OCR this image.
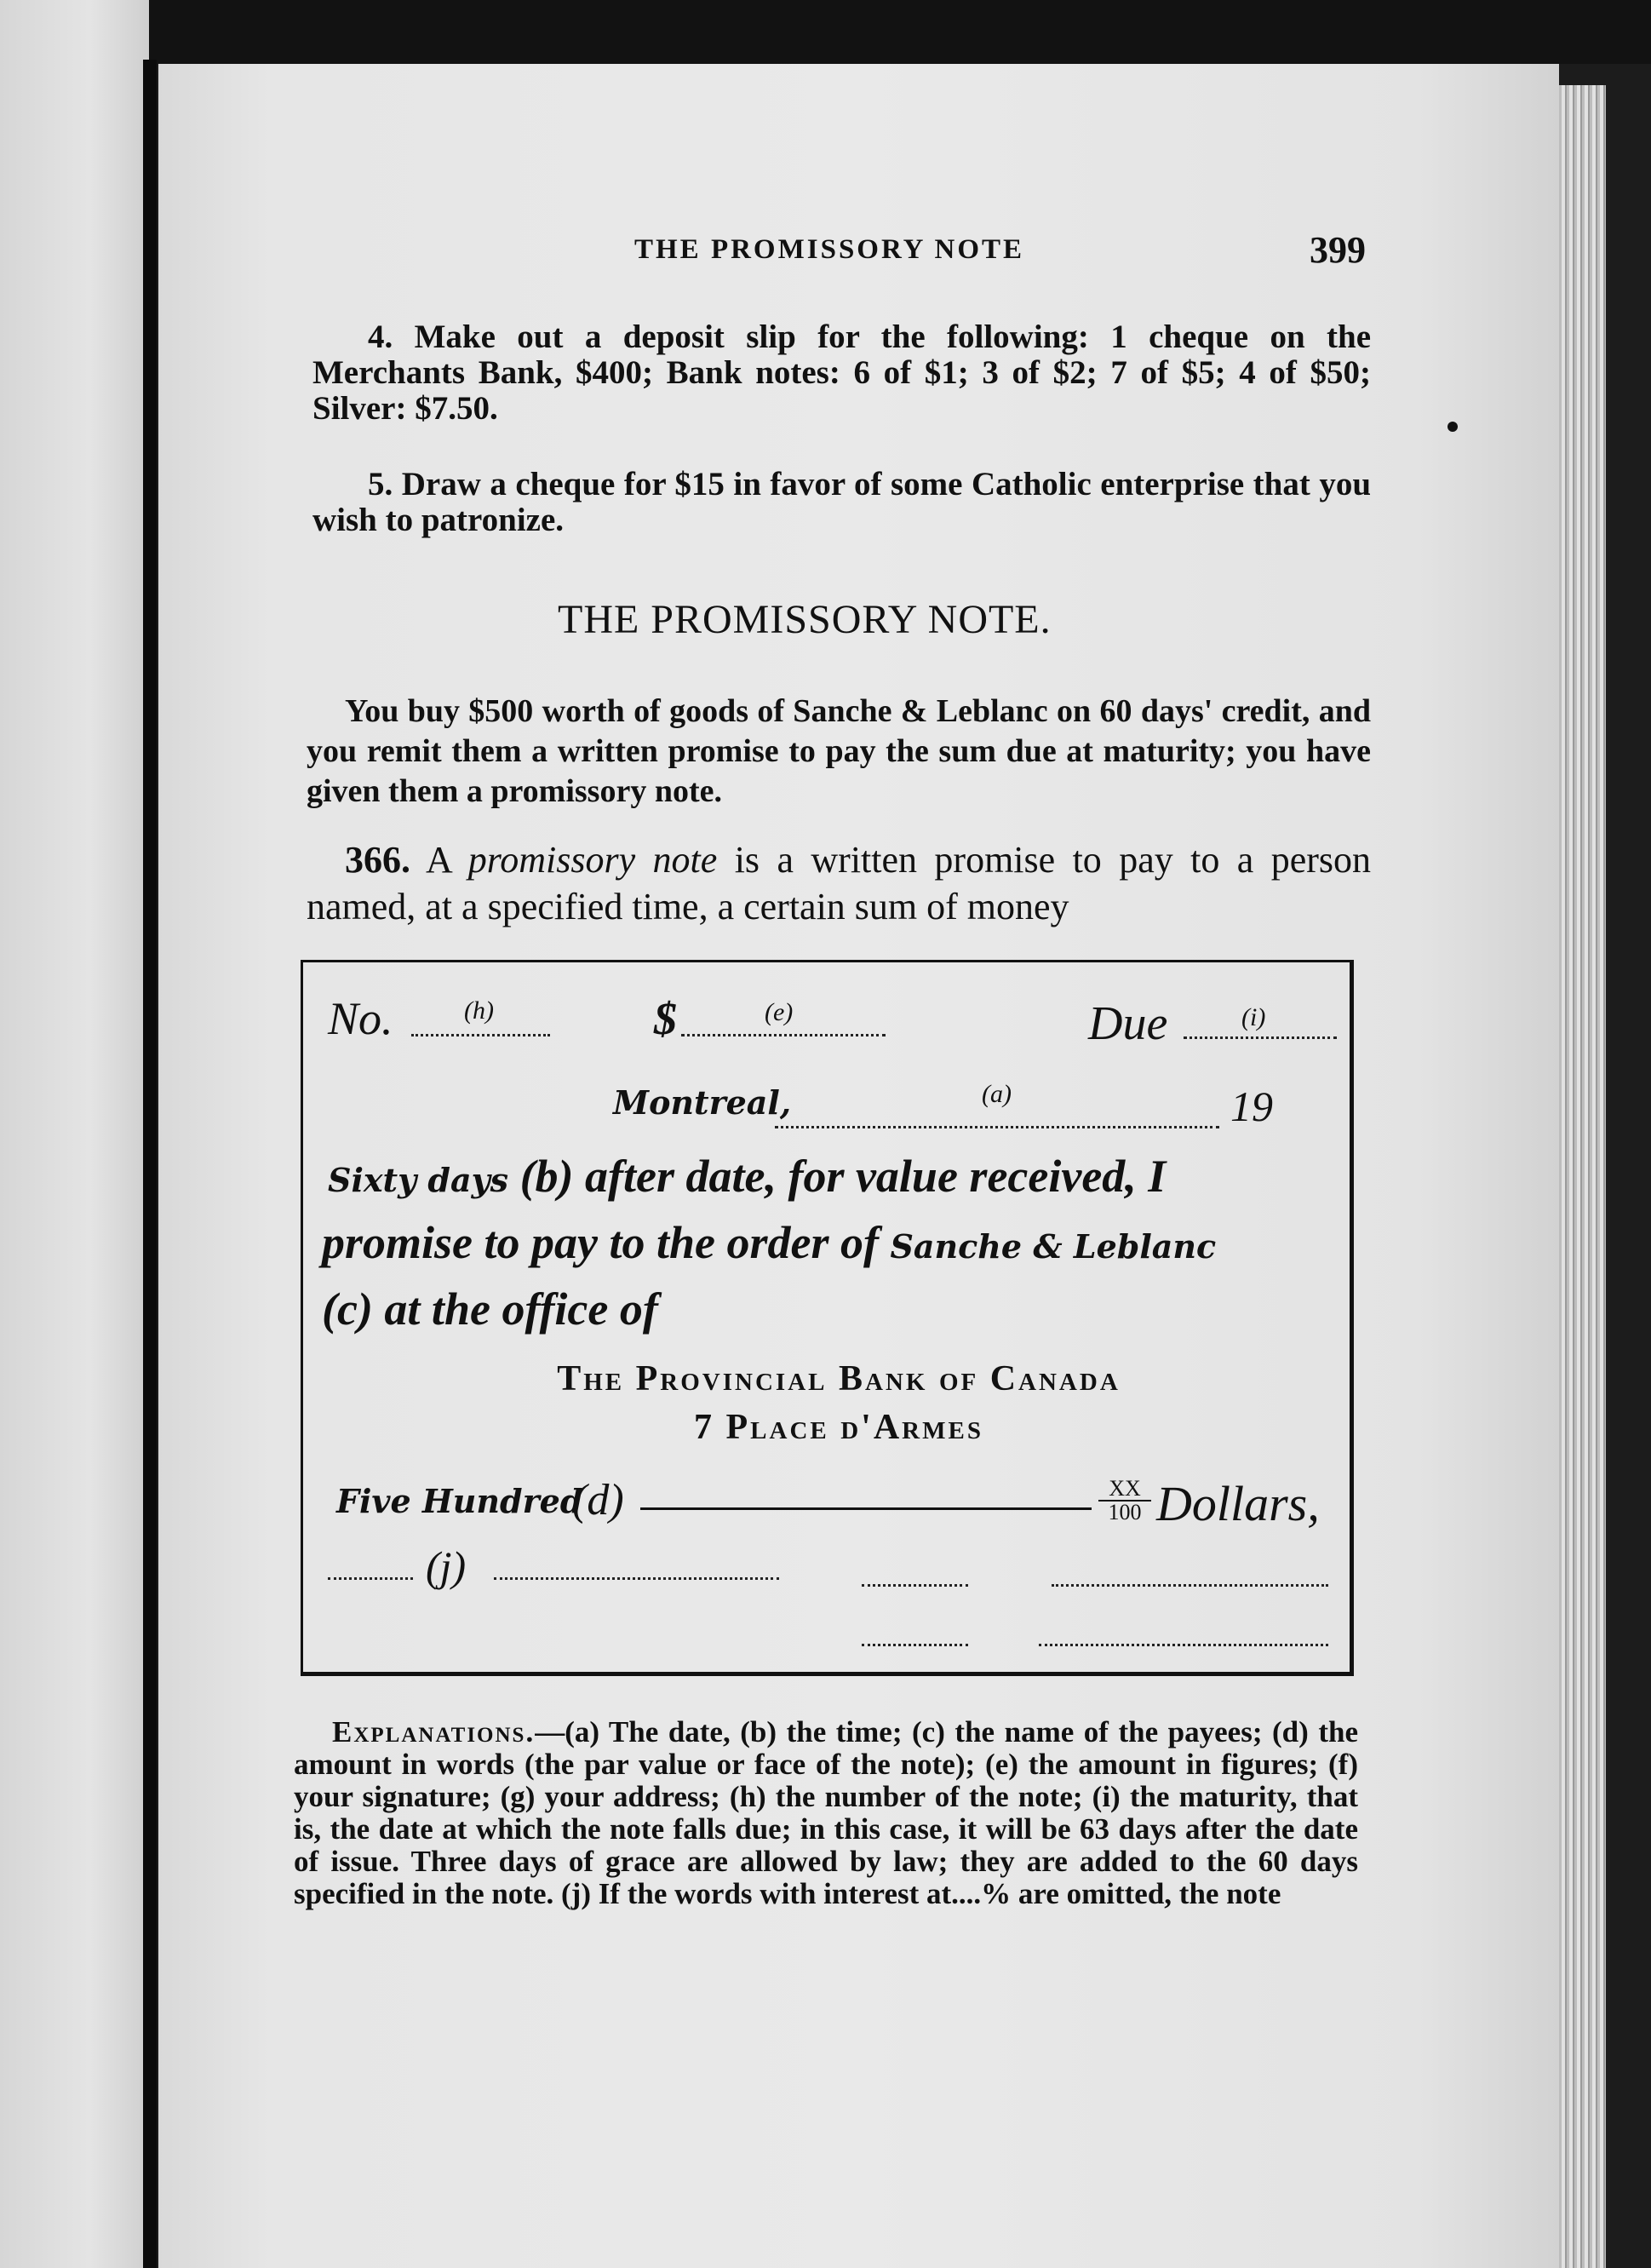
THE PROMISSORY NOTE	399
4. Make out a deposit slip for the following: 1 cheque on the Merchants Bank, $400; Bank notes: 6 of $1; 3 of $2; 7 of $5; 4 of $50; Silver: $7.50.
5. Draw a cheque for $15 in favor of some Catholic enterprise that you wish to patronize.
THE PROMISSORY NOTE.
You buy $500 worth of goods of Sanche & Leblanc on 60 days' credit, and you remit them a written promise to pay the sum due at maturity; you have given them a promissory note.
366. A promissory note is a written promise to pay to a person named, at a specified time, a certain sum of money
No.	(h)	$	(e)	Due	(i)
Montreal,	(a)	19
Sixty days (b) after date, for value received, I
promise to pay to the order of Sanche & Leblanc
(c) at the office of
The Provincial Bank of Canada
7 Place d'Armes
Five Hundred
(d)	$\frac{XX}{100}$ Dollars,
(j)
Explanations.—(a) The date, (b) the time; (c) the name of the payees; (d) the amount in words (the par value or face of the note); (e) the amount in figures; (f) your signature; (g) your address; (h) the number of the note; (i) the maturity, that is, the date at which the note falls due; in this case, it will be 63 days after the date of issue. Three days of grace are allowed by law; they are added to the 60 days specified in the note. (j) If the words with interest at....% are omitted, the note
